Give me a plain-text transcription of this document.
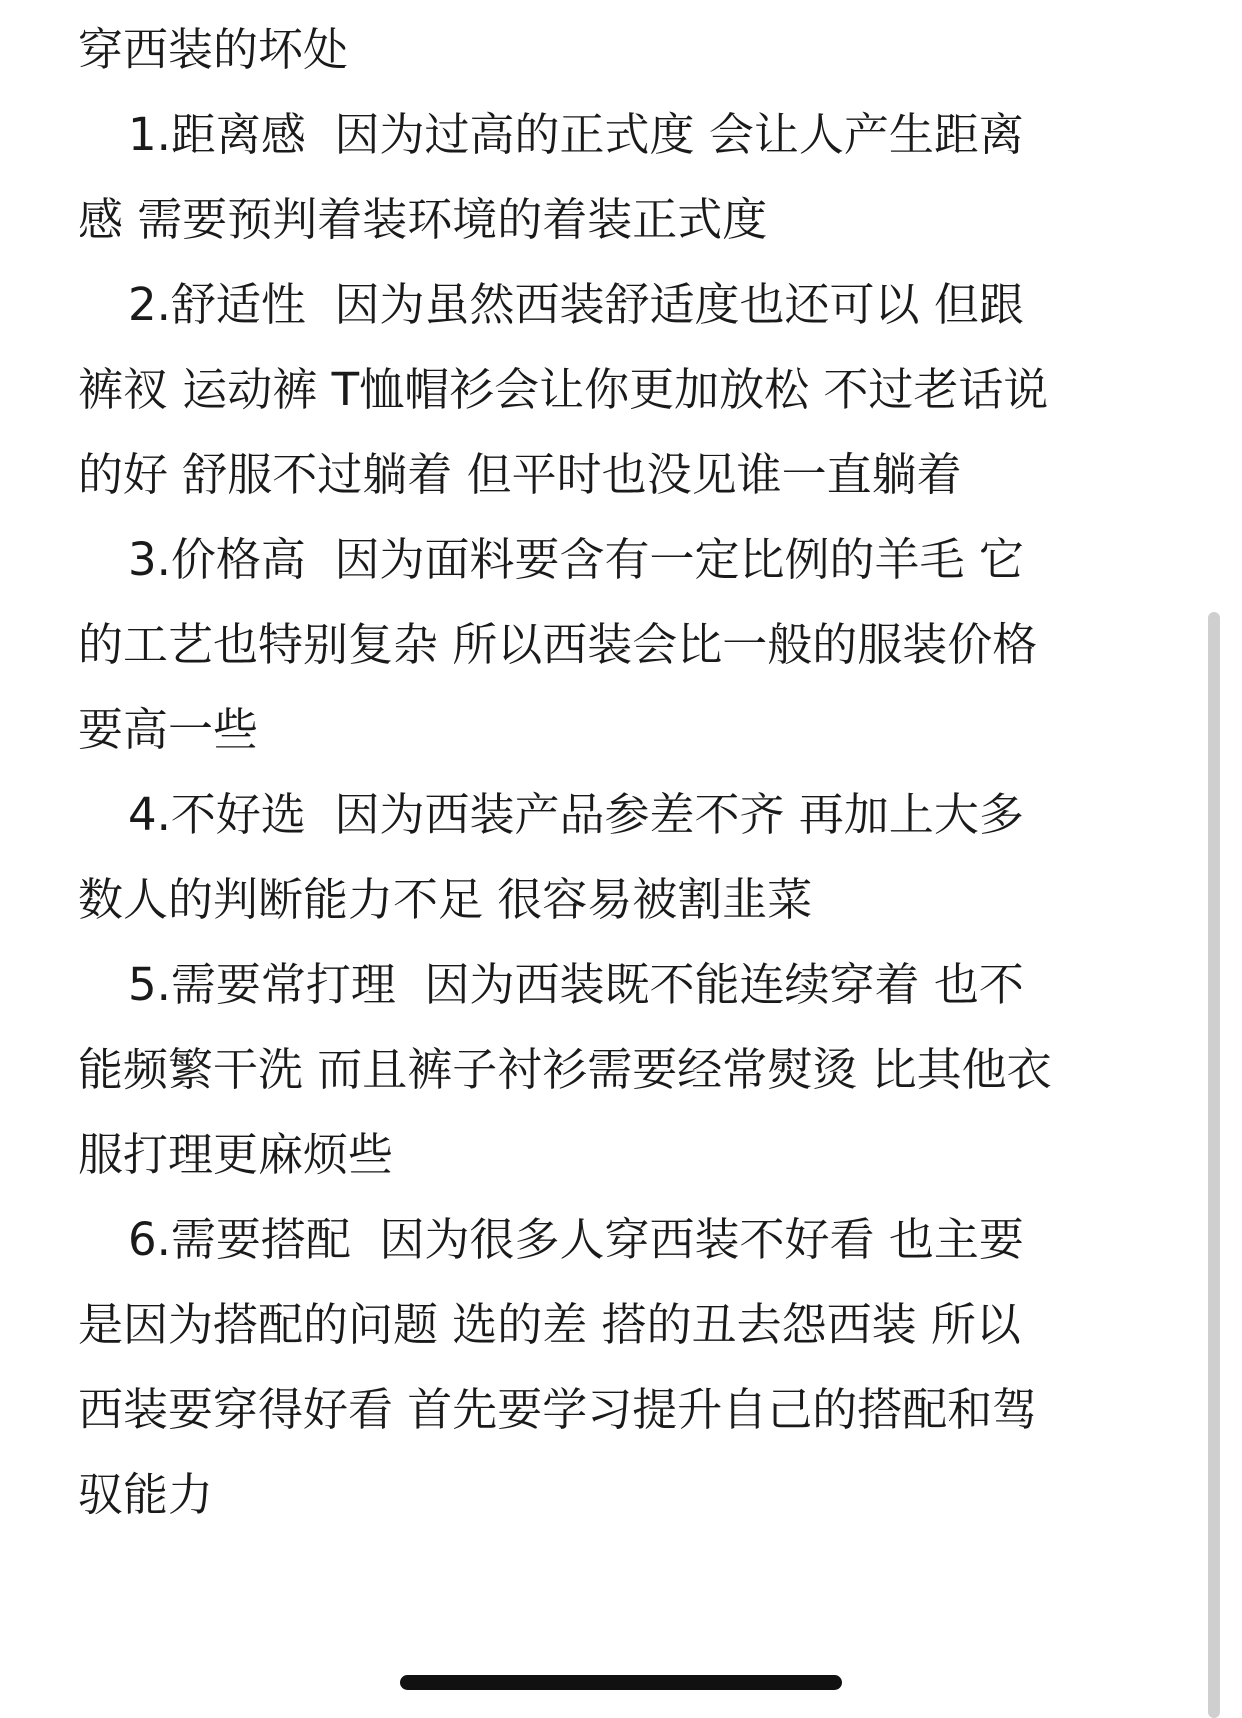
穿西装的坏处
1.距离感  因为过高的正式度 会让人产生距离
感 需要预判着装环境的着装正式度
2.舒适性  因为虽然西装舒适度也还可以 但跟
裤衩 运动裤 T恤帽衫会让你更加放松 不过老话说
的好 舒服不过躺着 但平时也没见谁一直躺着
3.价格高  因为面料要含有一定比例的羊毛 它
的工艺也特别复杂 所以西装会比一般的服装价格
要高一些
4.不好选  因为西装产品参差不齐 再加上大多
数人的判断能力不足 很容易被割韭菜
5.需要常打理  因为西装既不能连续穿着 也不
能频繁干洗 而且裤子衬衫需要经常熨烫 比其他衣
服打理更麻烦些
6.需要搭配  因为很多人穿西装不好看 也主要
是因为搭配的问题 选的差 搭的丑去怨西装 所以
西装要穿得好看 首先要学习提升自己的搭配和驾
驭能力
